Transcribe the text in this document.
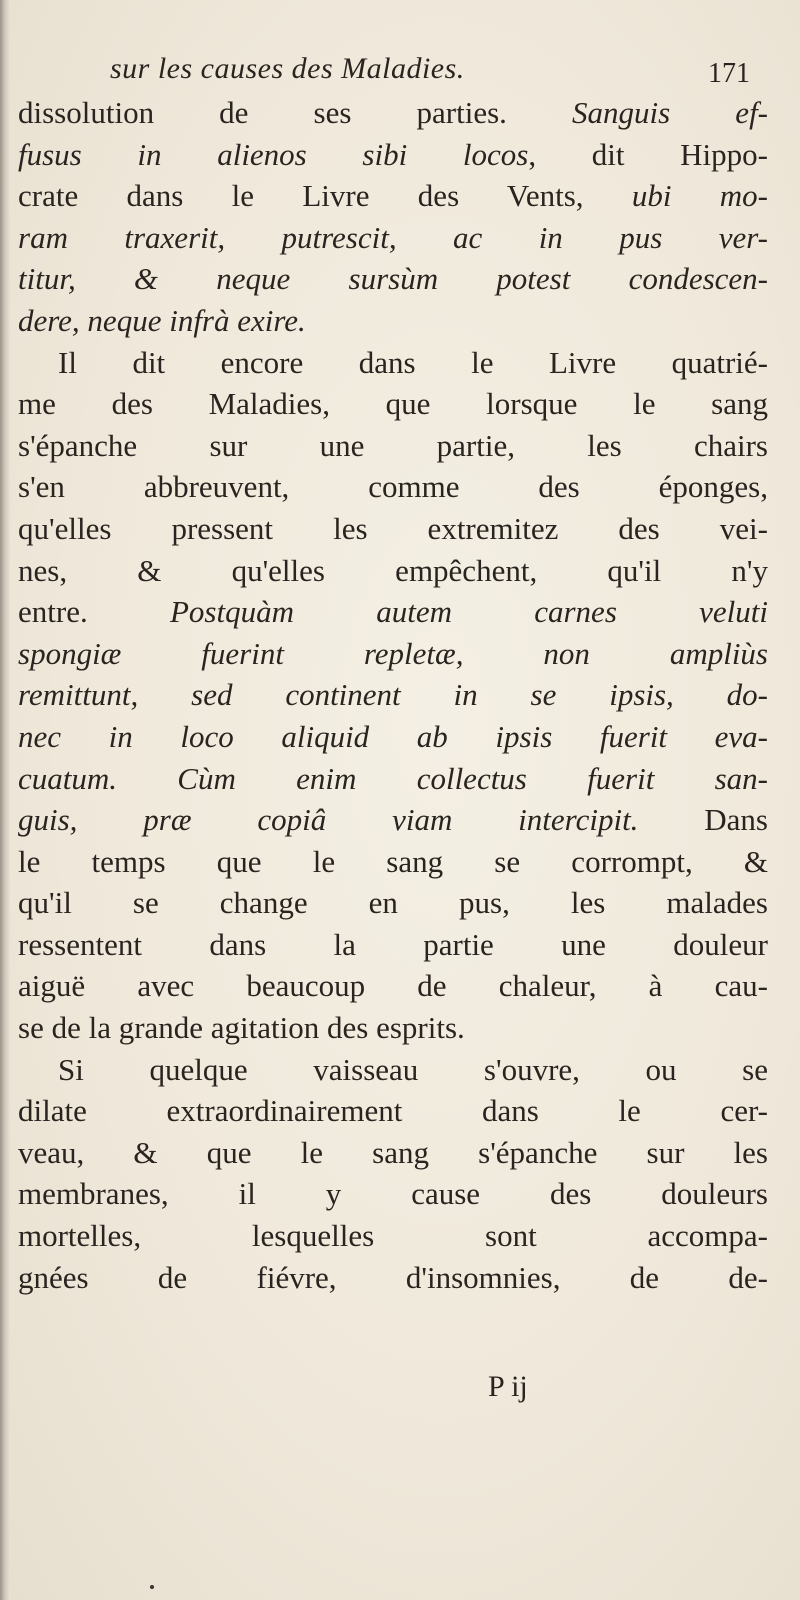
sur les causes des Maladies.	171
dissolution de ses parties. Sanguis ef-
fusus in alienos sibi locos, dit Hippo-
crate dans le Livre des Vents, ubi mo-
ram traxerit, putrescit, ac in pus ver-
titur, & neque sursùm potest condescen-
dere, neque infrà exire.
Il dit encore dans le Livre quatrié-
me des Maladies, que lorsque le sang
s'épanche sur une partie, les chairs
s'en abbreuvent, comme des éponges,
qu'elles pressent les extremitez des vei-
nes, & qu'elles empêchent, qu'il n'y
entre. Postquàm autem carnes veluti
spongiæ fuerint repletæ, non ampliùs
remittunt, sed continent in se ipsis, do-
nec in loco aliquid ab ipsis fuerit eva-
cuatum. Cùm enim collectus fuerit san-
guis, præ copiâ viam intercipit. Dans
le temps que le sang se corrompt, &
qu'il se change en pus, les malades
ressentent dans la partie une douleur
aiguë avec beaucoup de chaleur, à cau-
se de la grande agitation des esprits.
Si quelque vaisseau s'ouvre, ou se
dilate extraordinairement dans le cer-
veau, & que le sang s'épanche sur les
membranes, il y cause des douleurs
mortelles, lesquelles sont accompa-
gnées de fiévre, d'insomnies, de de-
P ij
